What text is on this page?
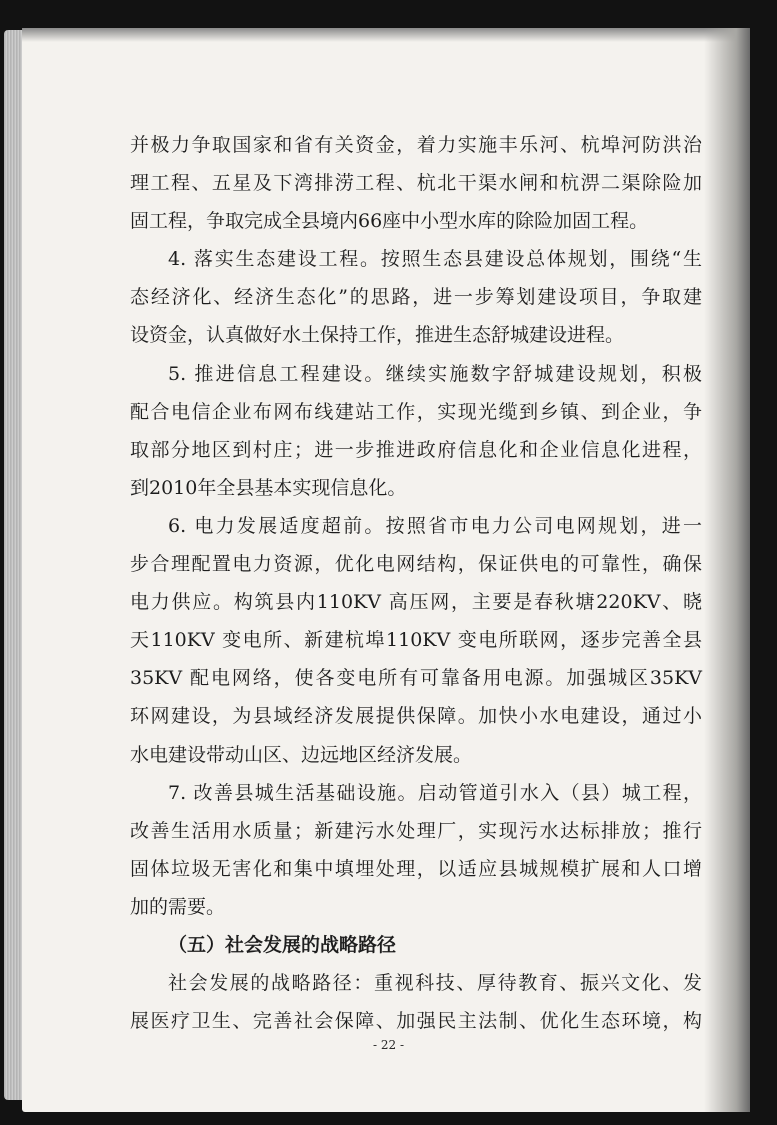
并极力争取国家和省有关资金，着力实施丰乐河、杭埠河防洪治
理工程、五星及下湾排涝工程、杭北干渠水闸和杭淠二渠除险加
固工程，争取完成全县境内66座中小型水库的除险加固工程。
4. 落实生态建设工程。按照生态县建设总体规划，围绕“生
态经济化、经济生态化”的思路，进一步筹划建设项目，争取建
设资金，认真做好水土保持工作，推进生态舒城建设进程。
5. 推进信息工程建设。继续实施数字舒城建设规划，积极
配合电信企业布网布线建站工作，实现光缆到乡镇、到企业，争
取部分地区到村庄；进一步推进政府信息化和企业信息化进程，
到2010年全县基本实现信息化。
6. 电力发展适度超前。按照省市电力公司电网规划，进一
步合理配置电力资源，优化电网结构，保证供电的可靠性，确保
电力供应。构筑县内110KV 高压网，主要是春秋塘220KV、晓
天110KV 变电所、新建杭埠110KV 变电所联网，逐步完善全县
35KV 配电网络，使各变电所有可靠备用电源。加强城区35KV
环网建设，为县域经济发展提供保障。加快小水电建设，通过小
水电建设带动山区、边远地区经济发展。
7. 改善县城生活基础设施。启动管道引水入（县）城工程，
改善生活用水质量；新建污水处理厂，实现污水达标排放；推行
固体垃圾无害化和集中填埋处理，以适应县城规模扩展和人口增
加的需要。
（五）社会发展的战略路径
社会发展的战略路径：重视科技、厚待教育、振兴文化、发
展医疗卫生、完善社会保障、加强民主法制、优化生态环境，构
- 22 -
